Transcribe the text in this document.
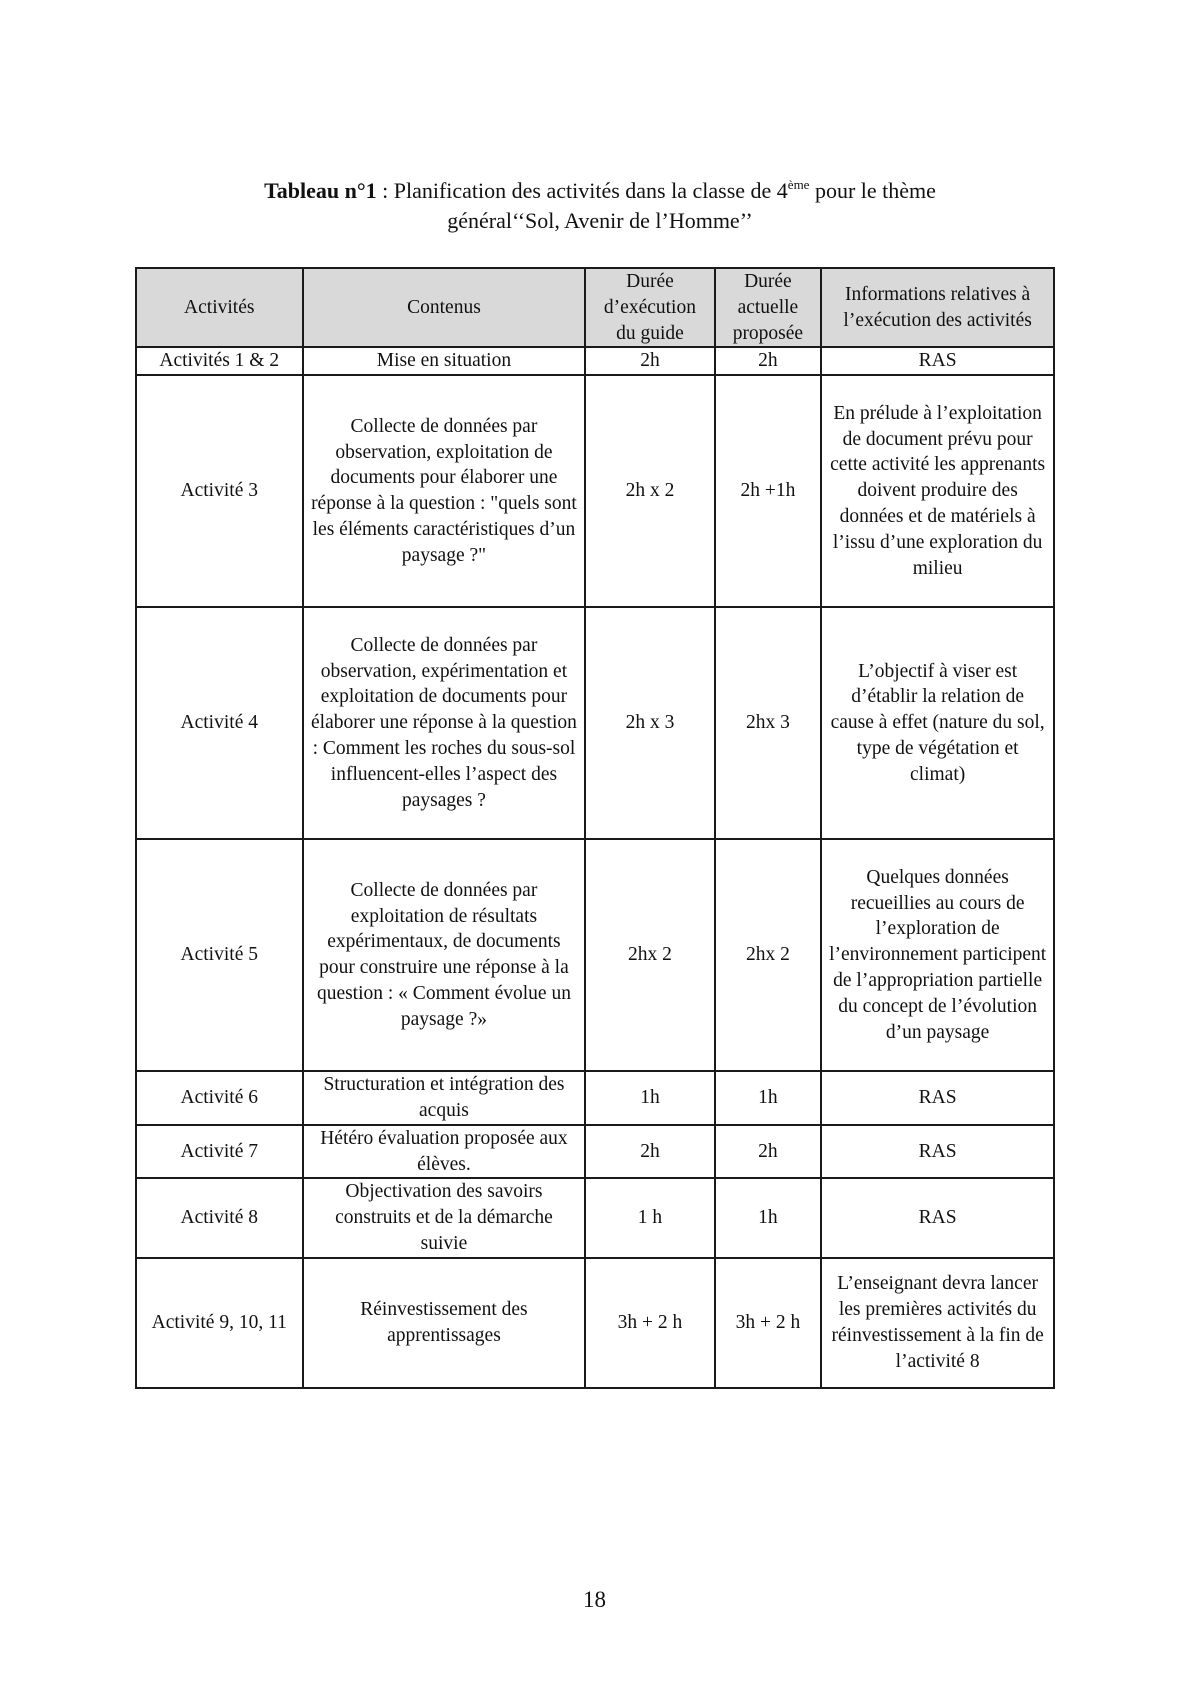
Tableau n°1 : Planification des activités dans la classe de 4ème pour le thème
général‘‘Sol, Avenir de l’Homme’’
Activités	Contenus	Durée d’exécution du guide	Durée actuelle proposée	Informations relatives à l’exécution des activités
Activités 1 & 2	Mise en situation	2h	2h	RAS
Activité 3	Collecte de données par observation, exploitation de documents pour élaborer une réponse à la question : "quels sont les éléments caractéristiques d’un paysage ?"	2h x 2	2h +1h	En prélude à l’exploitation de document prévu pour cette activité les apprenants doivent produire des données et de matériels à l’issu d’une exploration du milieu
Activité 4	Collecte de données par observation, expérimentation et exploitation de documents pour élaborer une réponse à la question : Comment les roches du sous-sol influencent-elles l’aspect des paysages ?	2h x 3	2hx 3	L’objectif à viser est d’établir la relation de cause à effet (nature du sol, type de végétation et climat)
Activité 5	Collecte de données par exploitation de résultats expérimentaux, de documents pour construire une réponse à la question : « Comment évolue un paysage ?»	2hx 2	2hx 2	Quelques données recueillies au cours de l’exploration de l’environnement participent de l’appropriation partielle du concept de l’évolution d’un paysage
Activité 6	Structuration et intégration des acquis	1h	1h	RAS
Activité 7	Hétéro évaluation proposée aux élèves.	2h	2h	RAS
Activité 8	Objectivation des savoirs construits et de la démarche suivie	1 h	1h	RAS
Activité 9, 10, 11	Réinvestissement des apprentissages	3h + 2 h	3h + 2 h	L’enseignant devra lancer les premières activités du réinvestissement à la fin de l’activité 8
18
